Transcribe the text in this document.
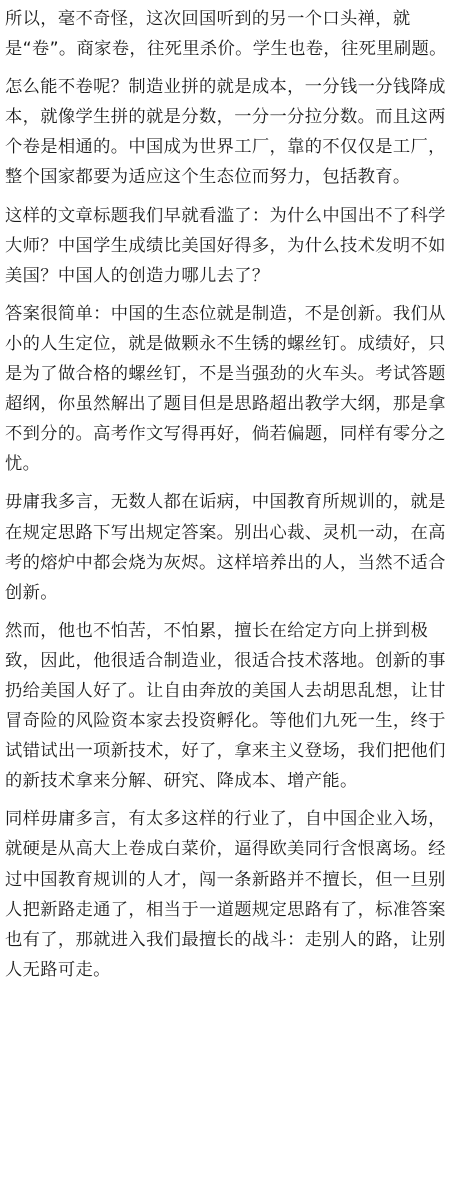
所以，毫不奇怪，这次回国听到的另一个口头禅，就是“卷”。商家卷，往死里杀价。学生也卷，往死里刷题。

怎么能不卷呢？制造业拼的就是成本，一分钱一分钱降成本，就像学生拼的就是分数，一分一分拉分数。而且这两个卷是相通的。中国成为世界工厂，靠的不仅仅是工厂，整个国家都要为适应这个生态位而努力，包括教育。

这样的文章标题我们早就看滥了：为什么中国出不了科学大师？中国学生成绩比美国好得多，为什么技术发明不如美国？中国人的创造力哪儿去了？

答案很简单：中国的生态位就是制造，不是创新。我们从小的人生定位，就是做颗永不生锈的螺丝钉。成绩好，只是为了做合格的螺丝钉，不是当强劲的火车头。考试答题超纲，你虽然解出了题目但是思路超出教学大纲，那是拿不到分的。高考作文写得再好，倘若偏题，同样有零分之忧。

毋庸我多言，无数人都在诟病，中国教育所规训的，就是在规定思路下写出规定答案。别出心裁、灵机一动，在高考的熔炉中都会烧为灰烬。这样培养出的人，当然不适合创新。

然而，他也不怕苦，不怕累，擅长在给定方向上拼到极致，因此，他很适合制造业，很适合技术落地。创新的事扔给美国人好了。让自由奔放的美国人去胡思乱想，让甘冒奇险的风险资本家去投资孵化。等他们九死一生，终于试错试出一项新技术，好了，拿来主义登场，我们把他们的新技术拿来分解、研究、降成本、增产能。

同样毋庸多言，有太多这样的行业了，自中国企业入场，就硬是从高大上卷成白菜价，逼得欧美同行含恨离场。经过中国教育规训的人才，闯一条新路并不擅长，但一旦别人把新路走通了，相当于一道题规定思路有了，标准答案也有了，那就进入我们最擅长的战斗：走别人的路，让别人无路可走。
